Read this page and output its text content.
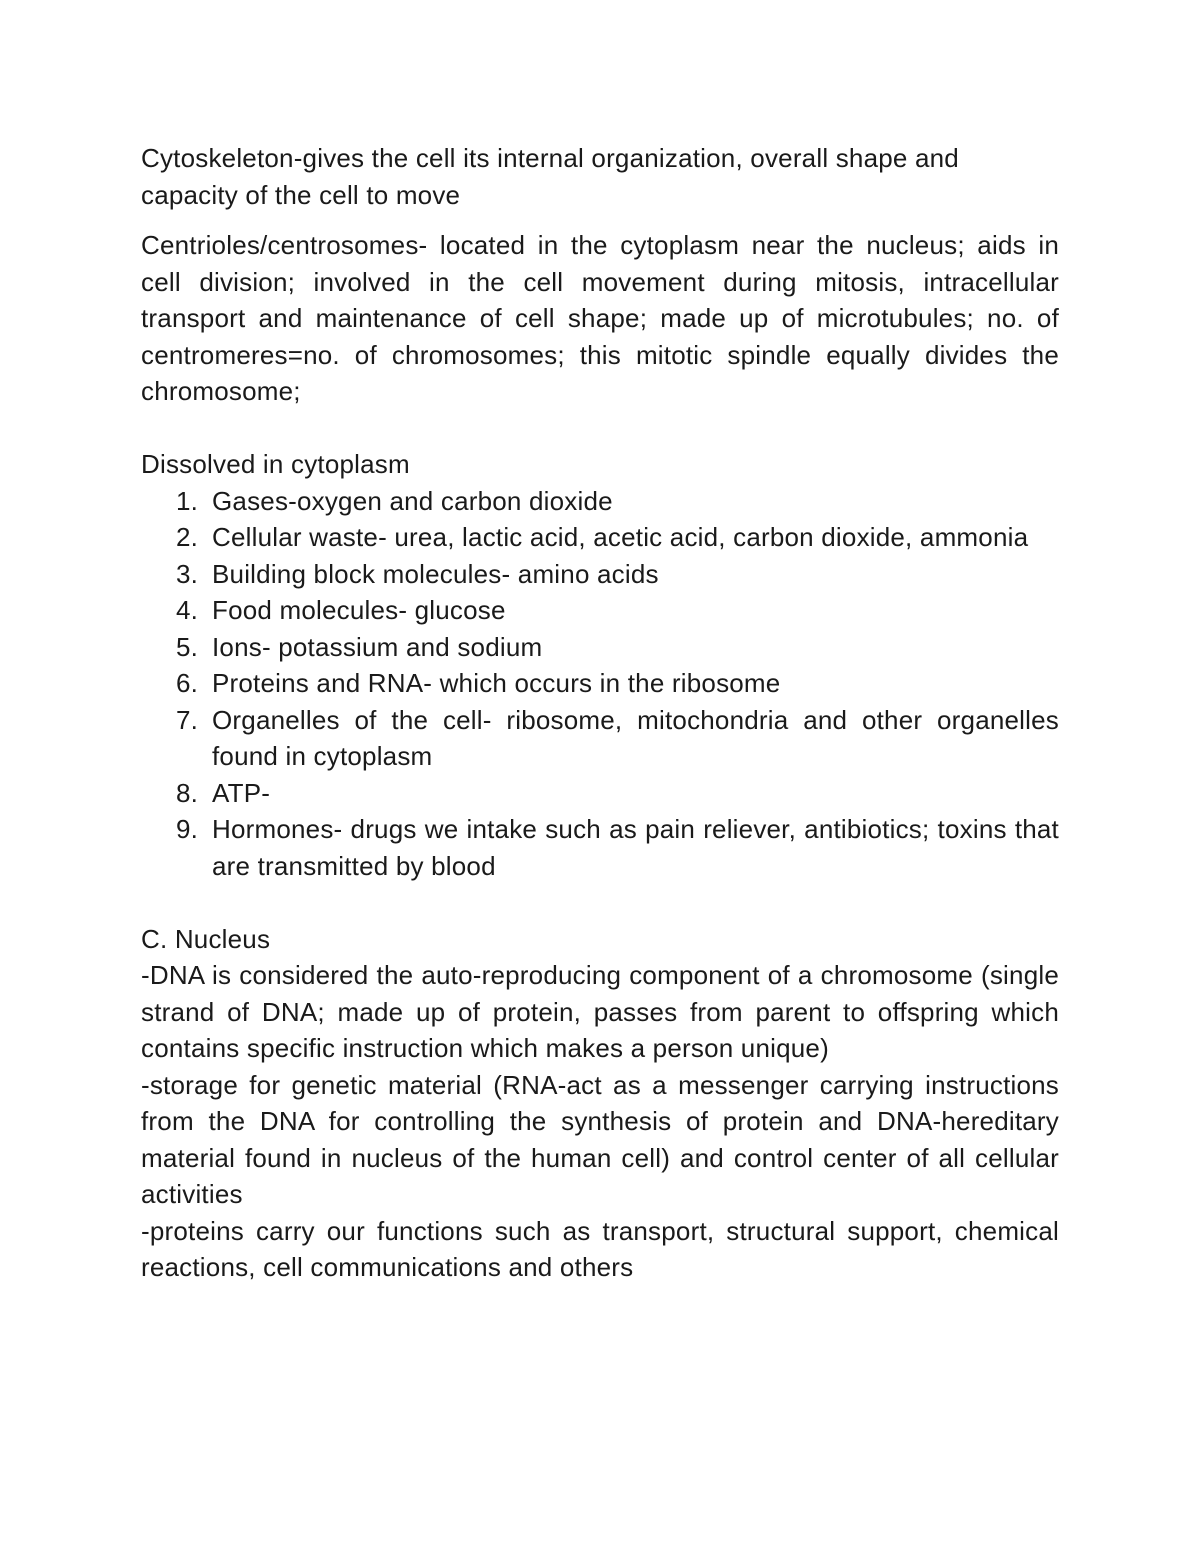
Cytoskeleton-gives the cell its internal organization, overall shape and capacity of the cell to move

Centrioles/centrosomes- located in the cytoplasm near the nucleus; aids in cell division; involved in the cell movement during mitosis, intracellular transport and maintenance of cell shape; made up of microtubules; no. of centromeres=no. of chromosomes; this mitotic spindle equally divides the chromosome;

Dissolved in cytoplasm

1. Gases-oxygen and carbon dioxide
2. Cellular waste- urea, lactic acid, acetic acid, carbon dioxide, ammonia
3. Building block molecules- amino acids
4. Food molecules- glucose
5. Ions- potassium and sodium
6. Proteins and RNA- which occurs in the ribosome
7. Organelles of the cell- ribosome, mitochondria and other organelles found in cytoplasm
8. ATP-
9. Hormones- drugs we intake such as pain reliever, antibiotics; toxins that are transmitted by blood

C. Nucleus

-DNA is considered the auto-reproducing component of a chromosome (single strand of DNA; made up of protein, passes from parent to offspring which contains specific instruction which makes a person unique)

-storage for genetic material (RNA-act as a messenger carrying instructions from the DNA for controlling the synthesis of protein and DNA-hereditary material found in nucleus of the human cell) and control center of all cellular activities

-proteins carry our functions such as transport, structural support, chemical reactions, cell communications and others
